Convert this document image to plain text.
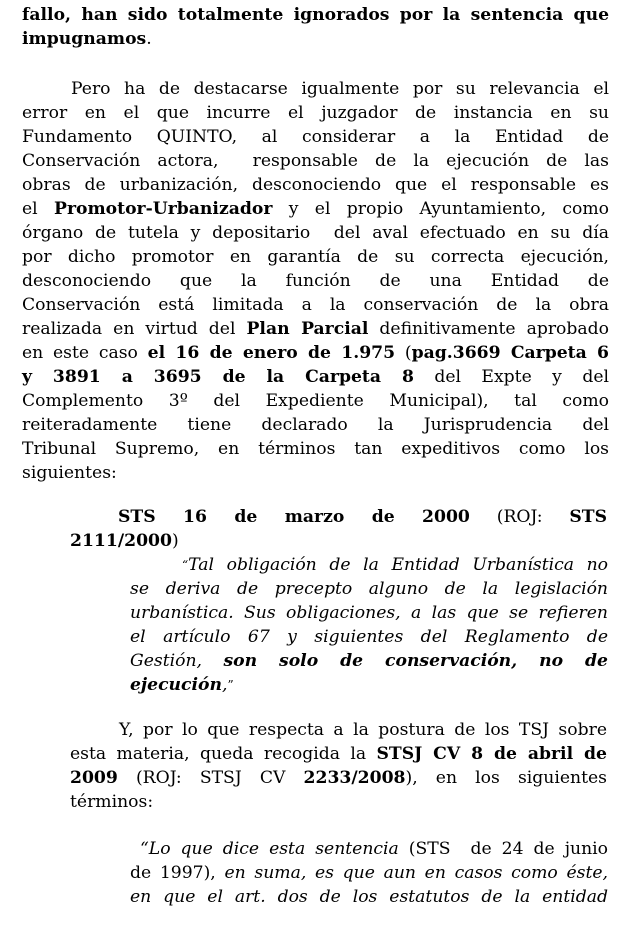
fallo, han sido totalmente ignorados por la sentencia que
impugnamos.
Pero ha de destacarse igualmente por su relevancia el
error en el que incurre el juzgador de instancia en su
Fundamento QUINTO, al considerar a la Entidad de
Conservación actora,  responsable de la ejecución de las
obras de urbanización, desconociendo que el responsable es
el Promotor-Urbanizador y el propio Ayuntamiento, como
órgano de tutela y depositario  del aval efectuado en su día
por dicho promotor en garantía de su correcta ejecución,
desconociendo que la función de una Entidad de
Conservación está limitada a la conservación de la obra
realizada en virtud del Plan Parcial definitivamente aprobado
en este caso el 16 de enero de 1.975 (pag.3669 Carpeta 6
y 3891 a 3695 de la Carpeta 8 del Expte y del
Complemento 3º del Expediente Municipal), tal como
reiteradamente tiene declarado la Jurisprudencia del
Tribunal Supremo, en términos tan expeditivos como los
siguientes:
STS 16 de marzo de 2000 (ROJ: STS
2111/2000)
“Tal obligación de la Entidad Urbanística no
se deriva de precepto alguno de la legislación
urbanística. Sus obligaciones, a las que se refieren
el artículo 67 y siguientes del Reglamento de
Gestión, son solo de conservación, no de
ejecución,”
Y, por lo que respecta a la postura de los TSJ sobre
esta materia, queda recogida la STSJ CV 8 de abril de
2009 (ROJ: STSJ CV 2233/2008), en los siguientes
términos:
“Lo que dice esta sentencia (STS  de 24 de junio
de 1997), en suma, es que aun en casos como éste,
en que el art. dos de los estatutos de la entidad
